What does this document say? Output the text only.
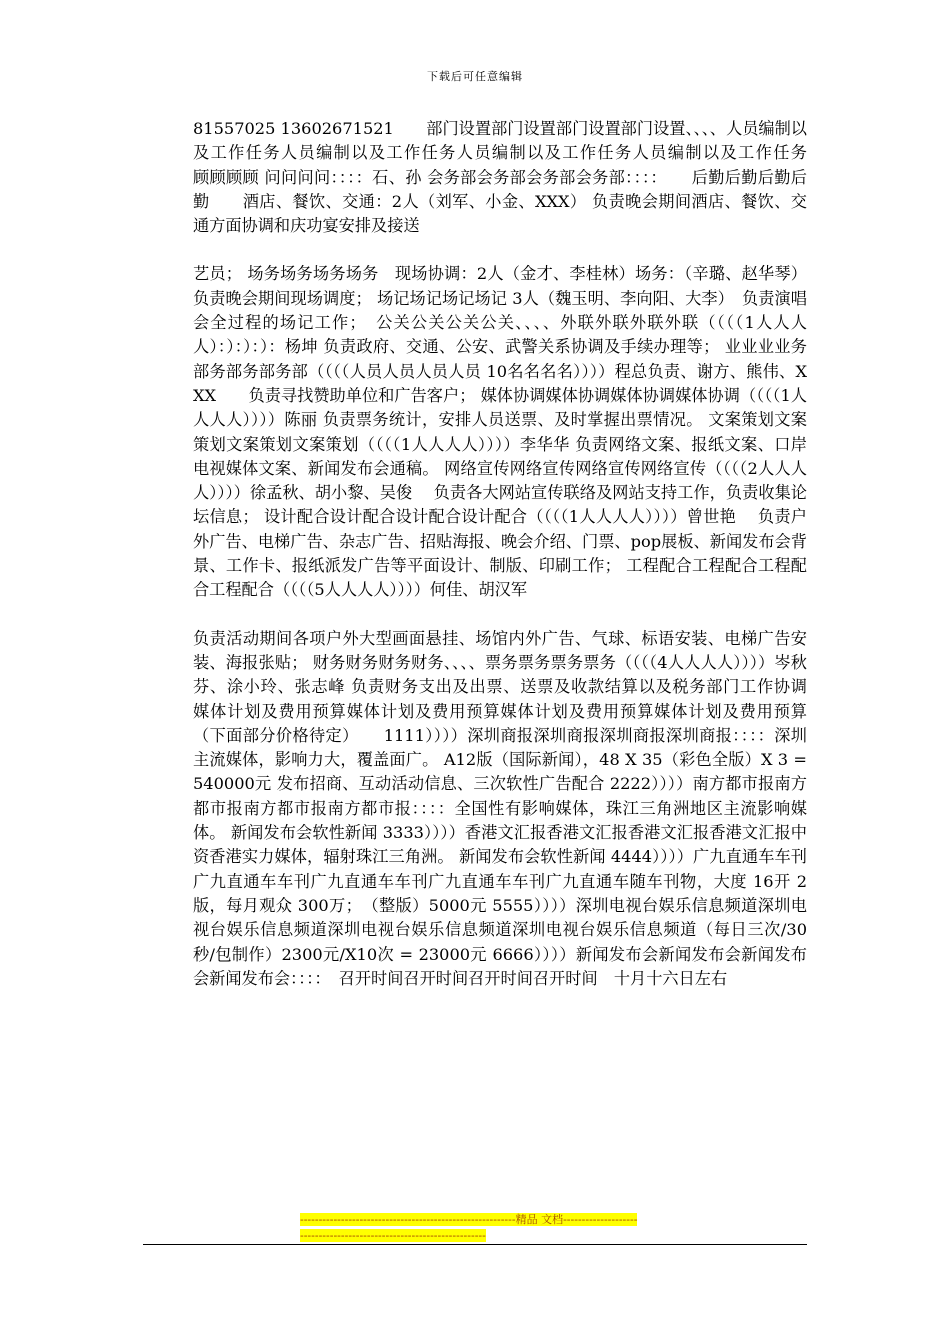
下载后可任意编辑

81557025 13602671521　　部门设置部门设置部门设置部门设置、、、、人员编制以及工作任务人员编制以及工作任务人员编制以及工作任务人员编制以及工作任务　　顾顾顾顾 问问问问：：：：石、孙 会务部会务部会务部会务部：：：：　　后勤后勤后勤后勤　　酒店、餐饮、交通：2人（刘军、小金、XXX） 负责晚会期间酒店、餐饮、交通方面协调和庆功宴安排及接送

艺员； 场务场务场务场务　现场协调：2人（金才、李桂林）场务：（辛璐、赵华琴） 负责晚会期间现场调度； 场记场记场记场记 3人（魏玉明、李向阳、大李）　负责演唱会全过程的场记工作；　公关公关公关公关、、、、外联外联外联外联（（（（1人人人人）：）：）：）：杨坤 负责政府、交通、公安、武警关系协调及手续办理等； 业业业业务部务部务部务部（（（（人员人员人员人员 10名名名名））））程总负责、谢方、熊伟、XXX　　负责寻找赞助单位和广告客户； 媒体协调媒体协调媒体协调媒体协调（（（（1人人人人））））陈丽 负责票务统计，安排人员送票、及时掌握出票情况。 文案策划文案策划文案策划文案策划（（（（1人人人人））））李华华 负责网络文案、报纸文案、口岸电视媒体文案、新闻发布会通稿。 网络宣传网络宣传网络宣传网络宣传（（（（2人人人人））））徐孟秋、胡小黎、吴俊　 负责各大网站宣传联络及网站支持工作，负责收集论坛信息； 设计配合设计配合设计配合设计配合（（（（1人人人人））））曾世艳　 负责户外广告、电梯广告、杂志广告、招贴海报、晚会介绍、门票、pop展板、新闻发布会背景、工作卡、报纸派发广告等平面设计、制版、印刷工作； 工程配合工程配合工程配合工程配合（（（（5人人人人））））何佳、胡汉军

负责活动期间各项户外大型画面悬挂、场馆内外广告、气球、标语安装、电梯广告安装、海报张贴； 财务财务财务财务、、、、票务票务票务票务（（（（4人人人人））））岑秋芬、涂小玲、张志峰 负责财务支出及出票、送票及收款结算以及税务部门工作协调　　　媒体计划及费用预算媒体计划及费用预算媒体计划及费用预算媒体计划及费用预算（下面部分价格待定）　　1111））））深圳商报深圳商报深圳商报深圳商报：：：：深圳主流媒体，影响力大，覆盖面广。 A12版（国际新闻），48 X 35（彩色全版）X 3 = 540000元 发布招商、互动活动信息、三次软性广告配合 2222））））南方都市报南方都市报南方都市报南方都市报：：：：全国性有影响媒体，珠江三角洲地区主流影响媒体。 新闻发布会软性新闻 3333））））香港文汇报香港文汇报香港文汇报香港文汇报中资香港实力媒体，辐射珠江三角洲。 新闻发布会软性新闻 4444））））广九直通车车刊广九直通车车刊广九直通车车刊广九直通车车刊广九直通车随车刊物，大度 16开 2版，每月观众 300万；　（整版）5000元 5555））））深圳电视台娱乐信息频道深圳电视台娱乐信息频道深圳电视台娱乐信息频道深圳电视台娱乐信息频道（每日三次/30秒/包制作）2300元/X10次 = 23000元 6666））））新闻发布会新闻发布会新闻发布会新闻发布会：：：：　召开时间召开时间召开时间召开时间　十月十六日左右

----------------------------------------------------------精品 文档----------------------------------------------------------------------
